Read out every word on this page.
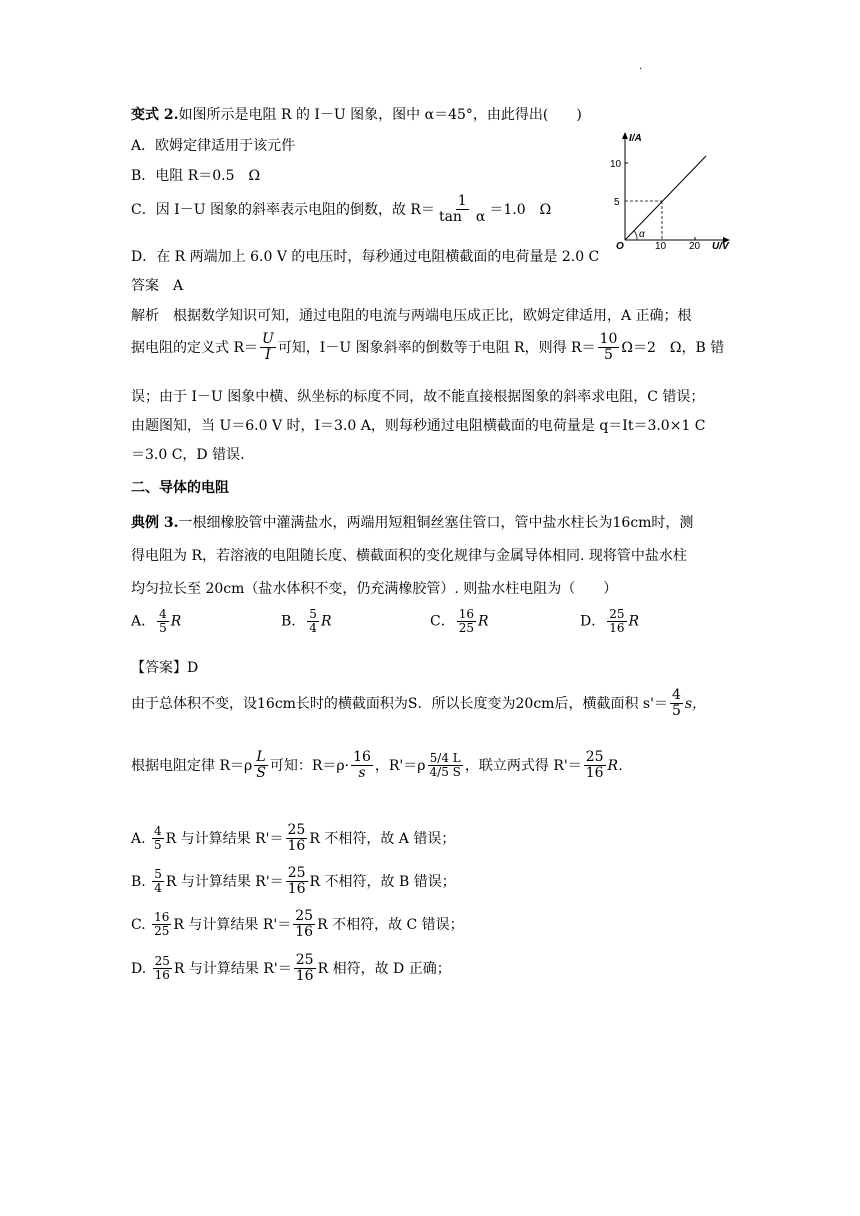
·
变式 2.如图所示是电阻 R 的 I－U 图象，图中 α＝45°，由此得出(　　)
A．欧姆定律适用于该元件
B．电阻 R＝0.5　Ω
C．因 I－U 图象的斜率表示电阻的倒数，故 $R= \frac{1}{\text{tan　α}} =1.0$　Ω
D．在 R 两端加上 6.0 V 的电压时，每秒通过电阻横截面的电荷量是 2.0 C
答案　A
解析　根据数学知识可知，通过电阻的电流与两端电压成正比，欧姆定律适用，A 正确；根
据电阻的定义式 $R= \frac{U}{I}$ 可知，I－U 图象斜率的倒数等于电阻 R，则得 $R= \frac{10}{5} \Omega=2$　Ω，B 错
误；由于 I－U 图象中横、纵坐标的标度不同，故不能直接根据图象的斜率求电阻，C 错误；
由题图知，当 U＝6.0 V 时，I＝3.0 A，则每秒通过电阻横截面的电荷量是 q＝It＝3.0×1 C
＝3.0 C，D 错误.
I/A
U/V
10
5
10 20
O
α
二、导体的电阻
典例 3.一根细橡胶管中灌满盐水，两端用短粗铜丝塞住管口，管中盐水柱长为16cm时，测
得电阻为 R，若溶液的电阻随长度、横截面积的变化规律与金属导体相同. 现将管中盐水柱
均匀拉长至 20cm（盐水体积不变，仍充满橡胶管）. 则盐水柱电阻为（　　）
A． $\frac{4}{5}$ R	B． $\frac{5}{4}$ R	C． $\frac{16}{25}$ R	D． $\frac{25}{16}$ R
【答案】D
由于总体积不变，设16cm长时的横截面积为S．所以长度变为20cm后，横截面积 $s'= \frac{4}{5}$ s，
根据电阻定律 $R=\rho \frac{L}{S}$ 可知：$R=\rho\cdot \frac{16}{s}$ ，$R'=\rho \frac{5/4 L}{4/5 S}$ ，联立两式得 $R'= \frac{25}{16}$ R．
A. $\frac{4}{5}$ R 与计算结果 $R'= \frac{25}{16}$ R 不相符，故 A 错误；
B. $\frac{5}{4}$ R 与计算结果 $R'= \frac{25}{16}$ R 不相符，故 B 错误；
C. $\frac{16}{25}$ R 与计算结果 $R'= \frac{25}{16}$ R 不相符，故 C 错误；
D. $\frac{25}{16}$ R 与计算结果 $R'= \frac{25}{16}$ R 相符，故 D 正确；
